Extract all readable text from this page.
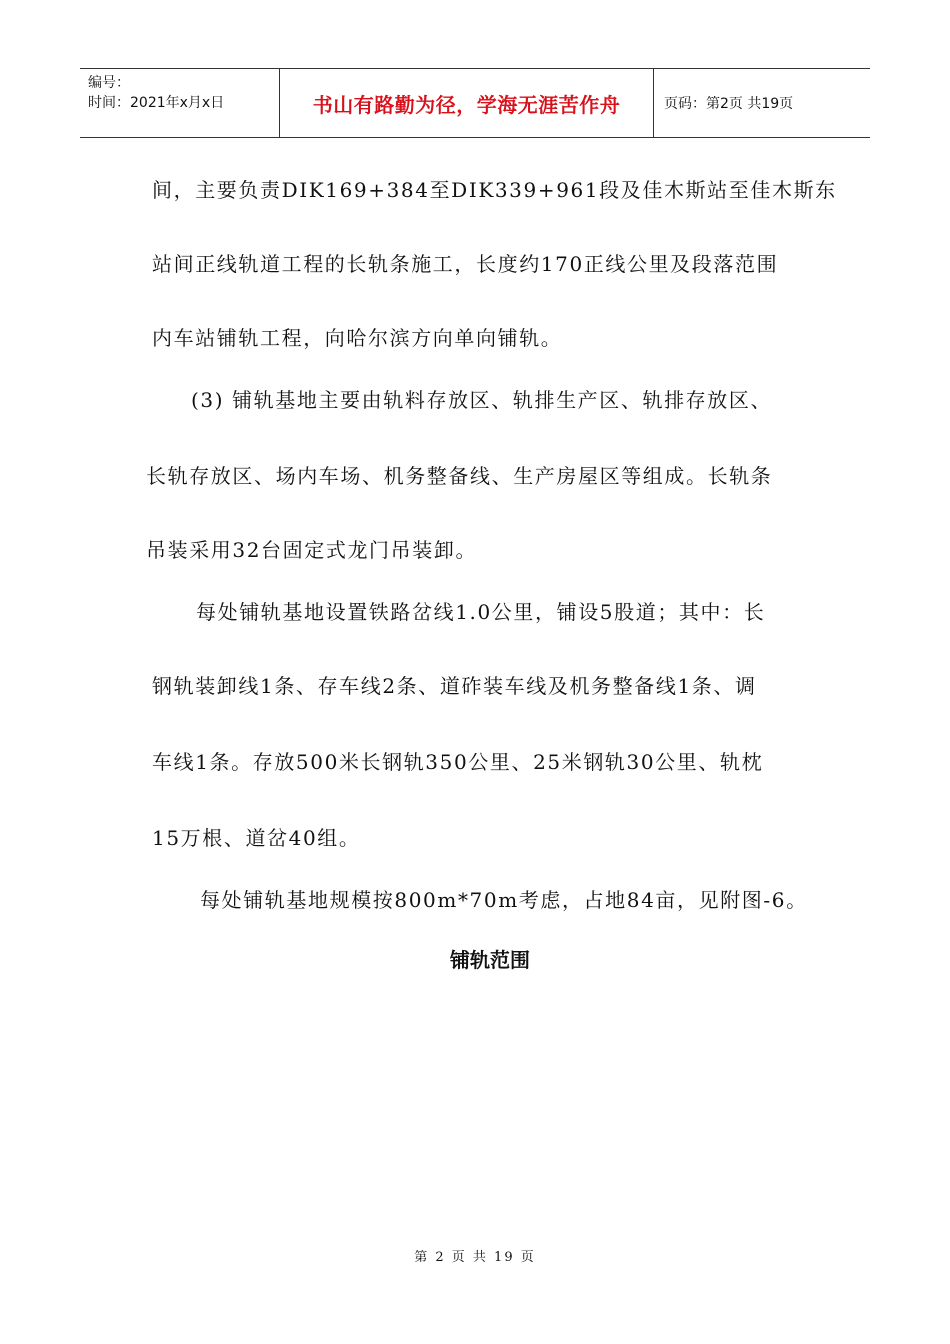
编号：
时间：2021年x月x日	书山有路勤为径，学海无涯苦作舟	页码：第2页 共19页
间，主要负责DIK169+384至DIK339+961段及佳木斯站至佳木斯东
站间正线轨道工程的长轨条施工，长度约170正线公里及段落范围
内车站铺轨工程，向哈尔滨方向单向铺轨。
(3) 铺轨基地主要由轨料存放区、轨排生产区、轨排存放区、
长轨存放区、场内车场、机务整备线、生产房屋区等组成。长轨条
吊装采用32台固定式龙门吊装卸。
每处铺轨基地设置铁路岔线1.0公里，铺设5股道；其中：长
钢轨装卸线1条、存车线2条、道砟装车线及机务整备线1条、调
车线1条。存放500米长钢轨350公里、25米钢轨30公里、轨枕
15万根、道岔40组。
每处铺轨基地规模按800m*70m考虑，占地84亩，见附图-6。
铺轨范围
第 2 页 共 19 页
